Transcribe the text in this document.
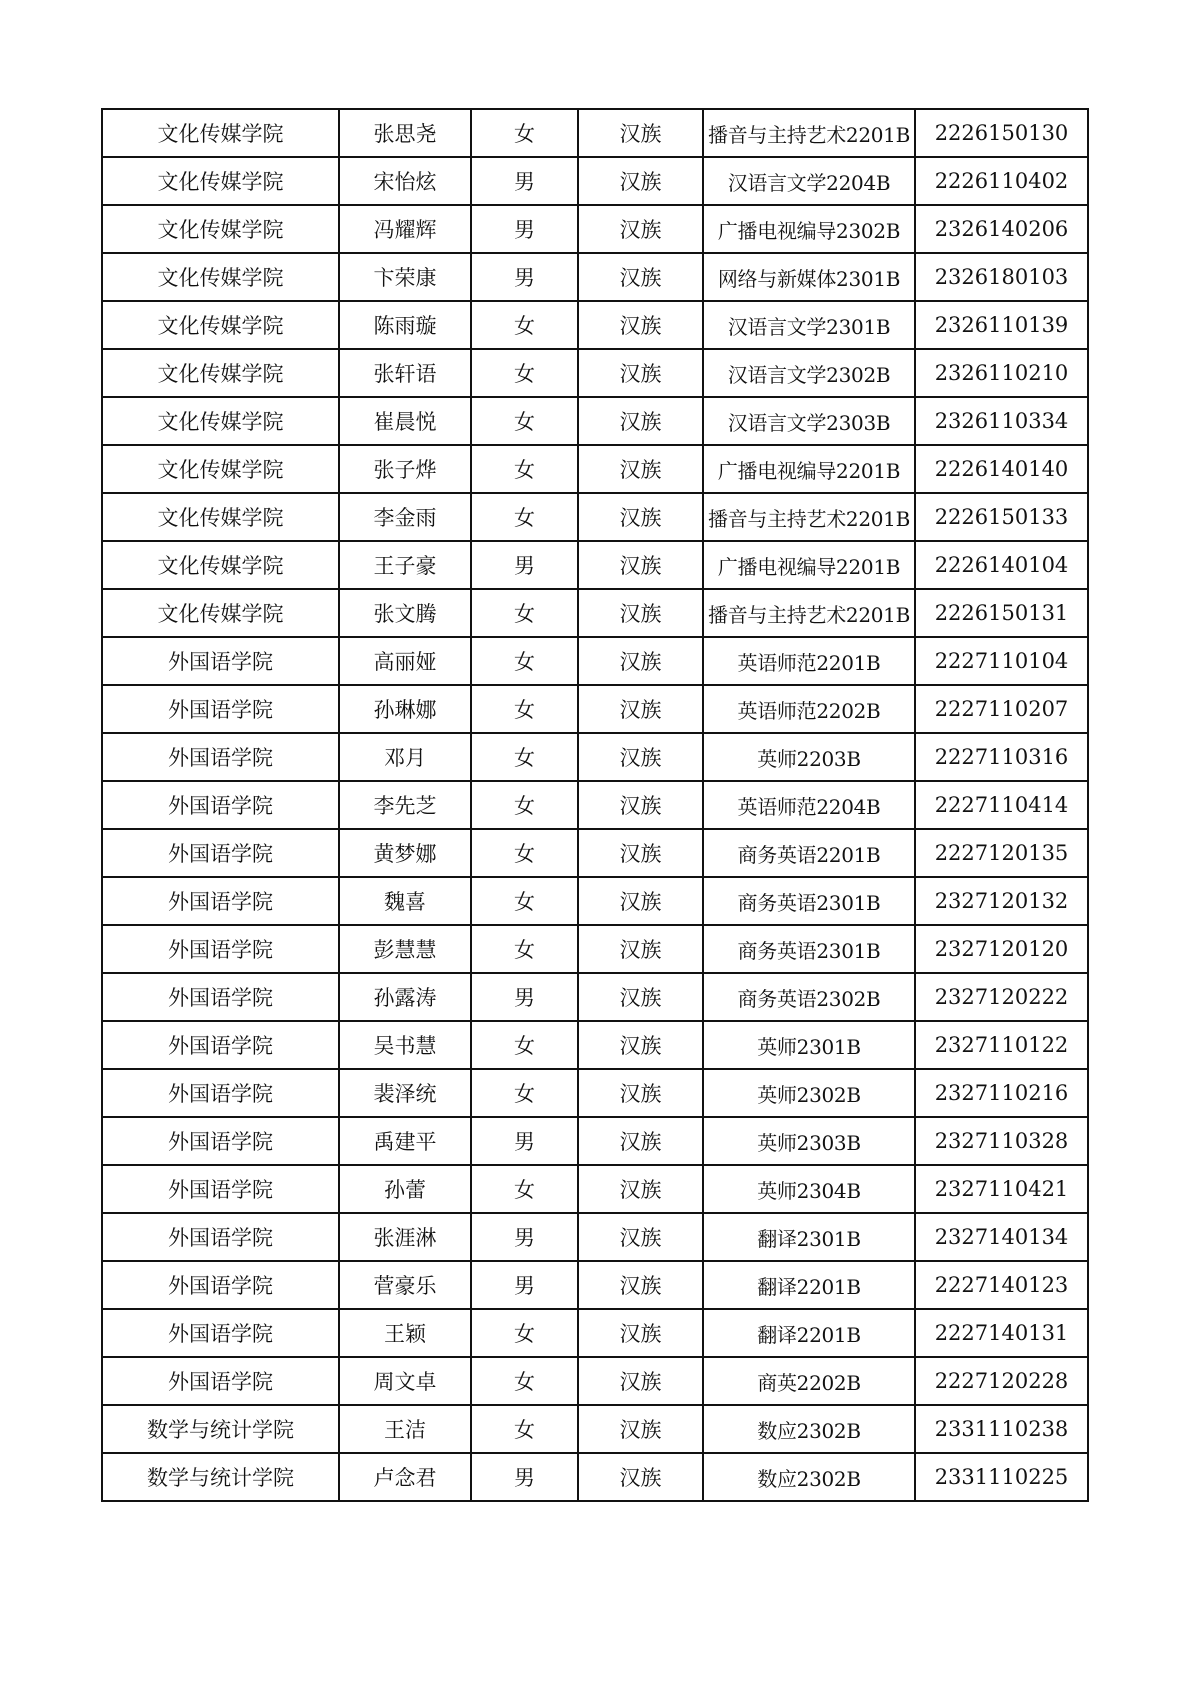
文化传媒学院	张思尧	女	汉族	播音与主持艺术2201B	2226150130
文化传媒学院	宋怡炫	男	汉族	汉语言文学2204B	2226110402
文化传媒学院	冯耀辉	男	汉族	广播电视编导2302B	2326140206
文化传媒学院	卞荣康	男	汉族	网络与新媒体2301B	2326180103
文化传媒学院	陈雨璇	女	汉族	汉语言文学2301B	2326110139
文化传媒学院	张轩语	女	汉族	汉语言文学2302B	2326110210
文化传媒学院	崔晨悦	女	汉族	汉语言文学2303B	2326110334
文化传媒学院	张子烨	女	汉族	广播电视编导2201B	2226140140
文化传媒学院	李金雨	女	汉族	播音与主持艺术2201B	2226150133
文化传媒学院	王子豪	男	汉族	广播电视编导2201B	2226140104
文化传媒学院	张文腾	女	汉族	播音与主持艺术2201B	2226150131
外国语学院	高丽娅	女	汉族	英语师范2201B	2227110104
外国语学院	孙琳娜	女	汉族	英语师范2202B	2227110207
外国语学院	邓月	女	汉族	英师2203B	2227110316
外国语学院	李先芝	女	汉族	英语师范2204B	2227110414
外国语学院	黄梦娜	女	汉族	商务英语2201B	2227120135
外国语学院	魏喜	女	汉族	商务英语2301B	2327120132
外国语学院	彭慧慧	女	汉族	商务英语2301B	2327120120
外国语学院	孙露涛	男	汉族	商务英语2302B	2327120222
外国语学院	吴书慧	女	汉族	英师2301B	2327110122
外国语学院	裴泽统	女	汉族	英师2302B	2327110216
外国语学院	禹建平	男	汉族	英师2303B	2327110328
外国语学院	孙蕾	女	汉族	英师2304B	2327110421
外国语学院	张涯淋	男	汉族	翻译2301B	2327140134
外国语学院	菅豪乐	男	汉族	翻译2201B	2227140123
外国语学院	王颖	女	汉族	翻译2201B	2227140131
外国语学院	周文卓	女	汉族	商英2202B	2227120228
数学与统计学院	王洁	女	汉族	数应2302B	2331110238
数学与统计学院	卢念君	男	汉族	数应2302B	2331110225
